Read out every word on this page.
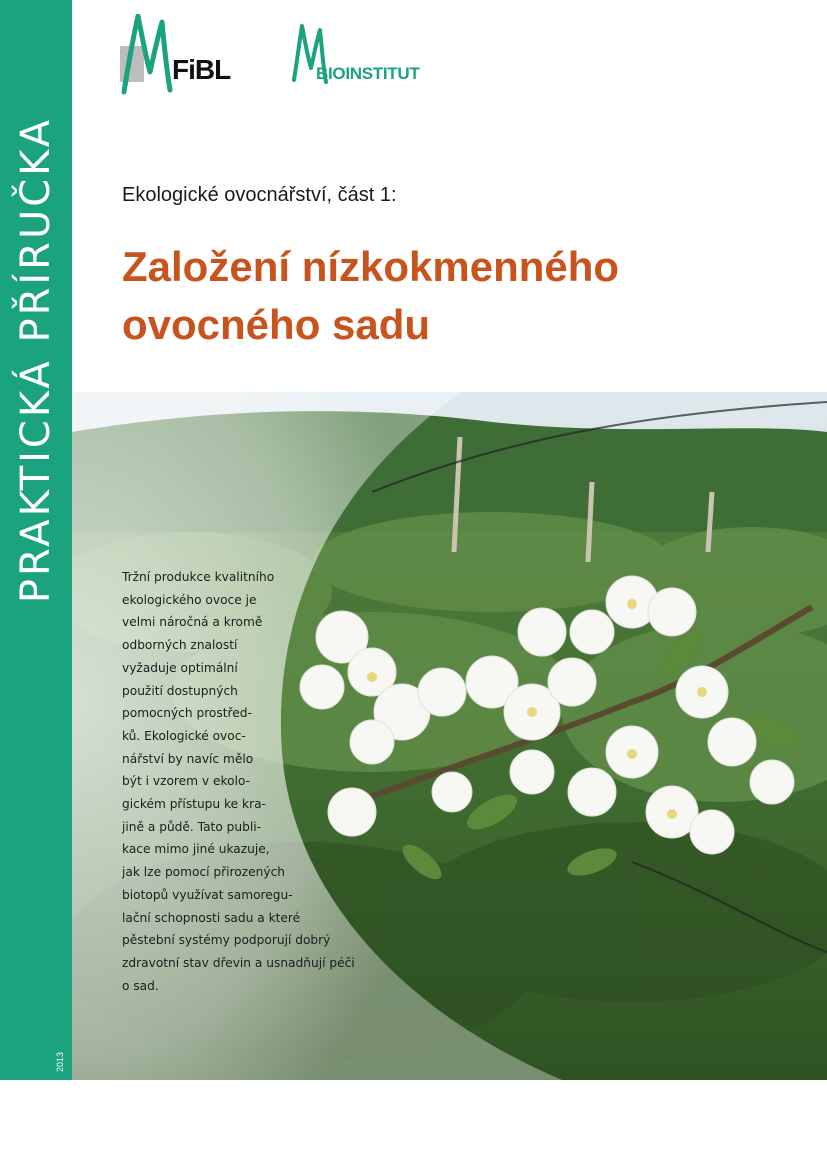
PRAKTICKÁ PŘÍRUČKA
2013
FiBL	BIOINSTITUT
Ekologické ovocnářství, část 1:
Založení nízkokmenného
ovocného sadu

Tržní produkce kvalitního
ekologického ovoce je
velmi náročná a kromě
odborných znalostí
vyžaduje optimální
použití dostupných
pomocných prostřed-
ků. Ekologické ovoc-
nářství by navíc mělo
být i vzorem v ekolo-
gickém přístupu ke kra-
jině a půdě. Tato publi-
kace mimo jiné ukazuje,
jak lze pomocí přirozených
biotopů využívat samoregu-
lační schopnosti sadu a které
pěstební systémy podporují dobrý
zdravotní stav dřevin a usnadňují péči
o sad.
